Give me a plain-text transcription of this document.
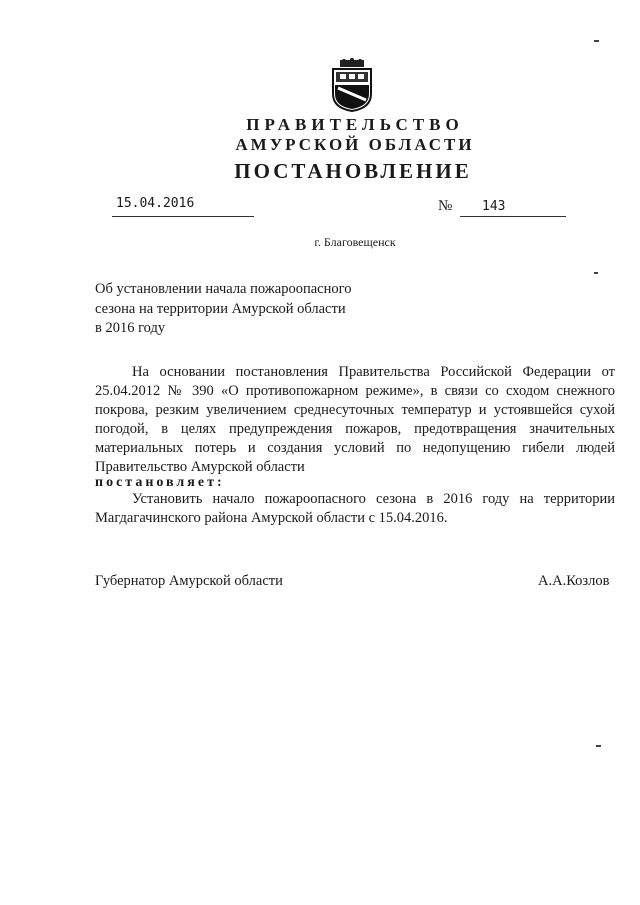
ПРАВИТЕЛЬСТВО
АМУРСКОЙ ОБЛАСТИ
ПОСТАНОВЛЕНИЕ
15.04.2016	№ 143
г. Благовещенск
Об установлении начала пожароопасного сезона на территории Амурской области в 2016 году
На основании постановления Правительства Российской Федерации от 25.04.2012 № 390 «О противопожарном режиме», в связи со сходом снежного покрова, резким увеличением среднесуточных температур и устоявшейся сухой погодой, в целях предупреждения пожаров, предотвращения значительных материальных потерь и создания условий по недопущению гибели людей Правительство Амурской области
постановляет:
Установить начало пожароопасного сезона в 2016 году на территории Магдагачинского района Амурской области с 15.04.2016.
Губернатор Амурской области	А.А.Козлов
